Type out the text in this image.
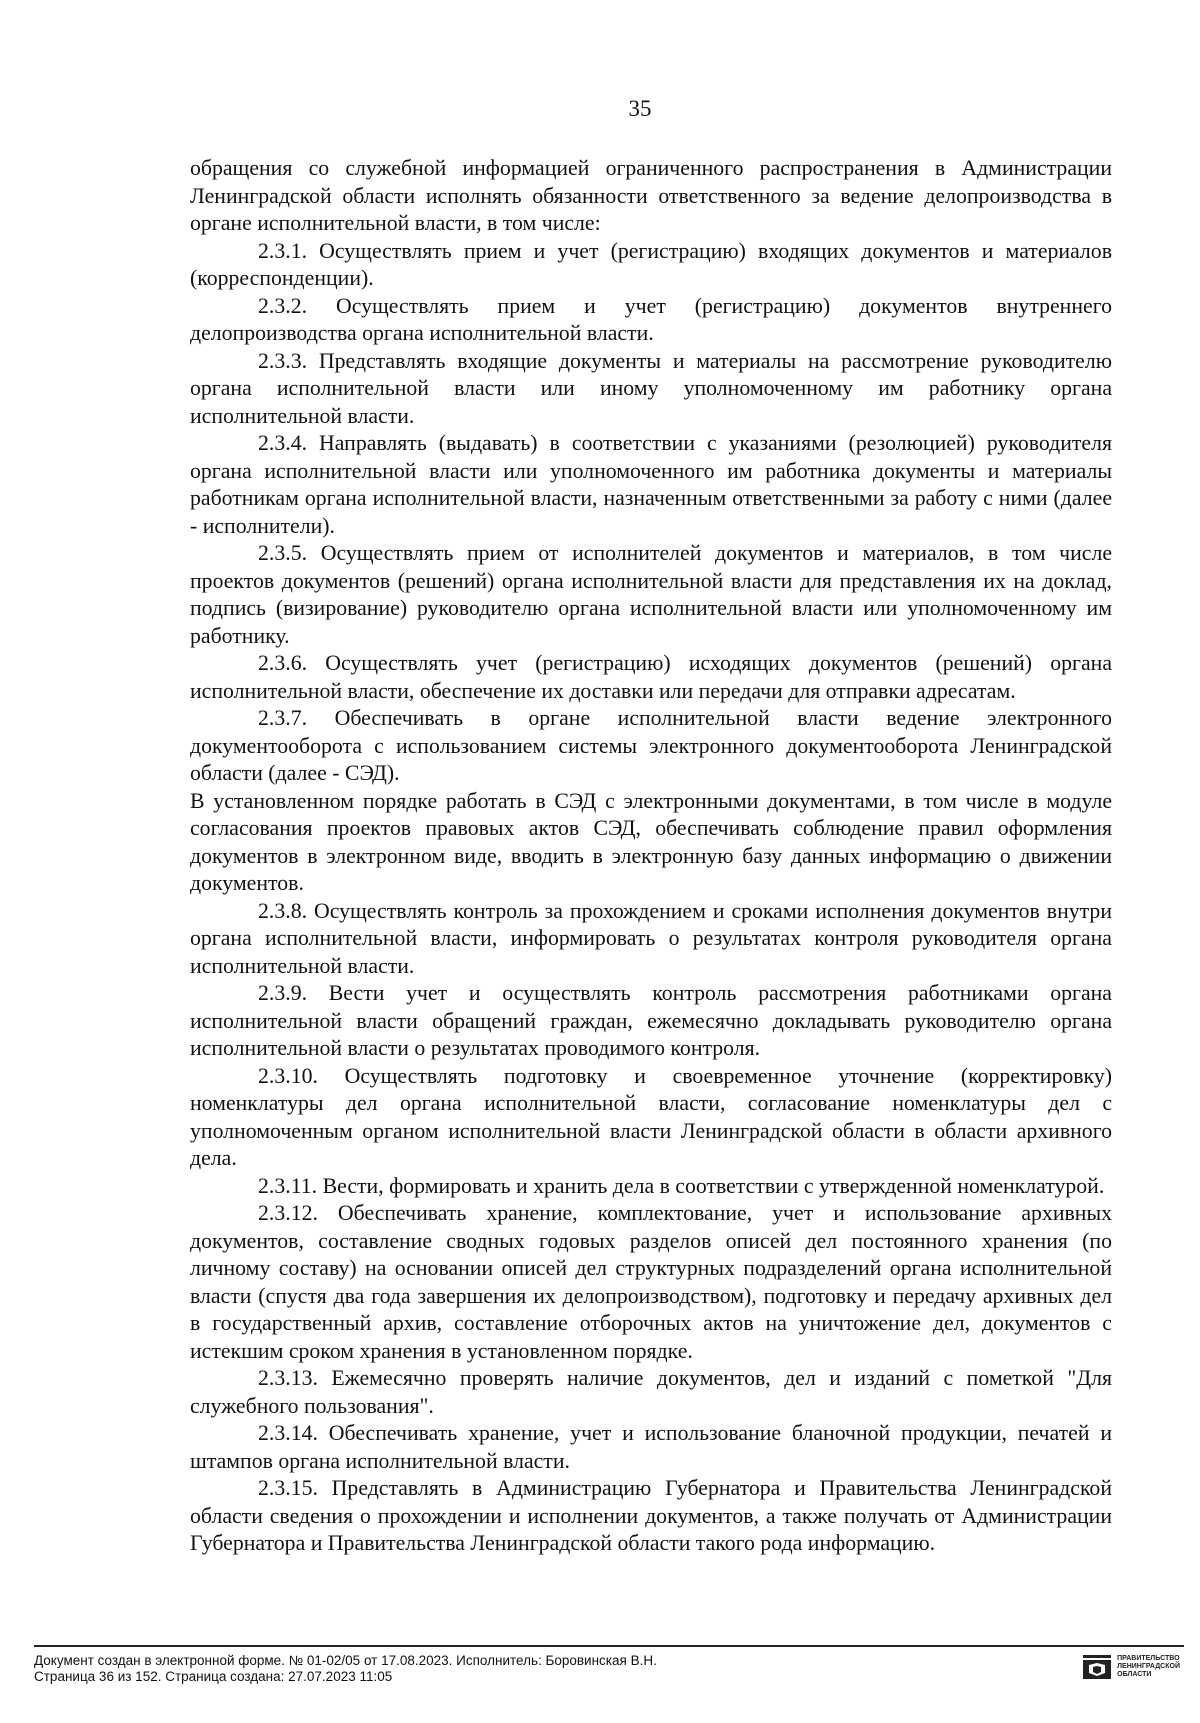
35

обращения со служебной информацией ограниченного распространения в Администрации Ленинградской области исполнять обязанности ответственного за ведение делопроизводства в органе исполнительной власти, в том числе:

2.3.1. Осуществлять прием и учет (регистрацию) входящих документов и материалов (корреспонденции).

2.3.2. Осуществлять прием и учет (регистрацию) документов внутреннего делопроизводства органа исполнительной власти.

2.3.3. Представлять входящие документы и материалы на рассмотрение руководителю органа исполнительной власти или иному уполномоченному им работнику органа исполнительной власти.

2.3.4. Направлять (выдавать) в соответствии с указаниями (резолюцией) руководителя органа исполнительной власти или уполномоченного им работника документы и материалы работникам органа исполнительной власти, назначенным ответственными за работу с ними (далее - исполнители).

2.3.5. Осуществлять прием от исполнителей документов и материалов, в том числе проектов документов (решений) органа исполнительной власти для представления их на доклад, подпись (визирование) руководителю органа исполнительной власти или уполномоченному им работнику.

2.3.6. Осуществлять учет (регистрацию) исходящих документов (решений) органа исполнительной власти, обеспечение их доставки или передачи для отправки адресатам.

2.3.7. Обеспечивать в органе исполнительной власти ведение электронного документооборота с использованием системы электронного документооборота Ленинградской области (далее - СЭД).

В установленном порядке работать в СЭД с электронными документами, в том числе в модуле согласования проектов правовых актов СЭД, обеспечивать соблюдение правил оформления документов в электронном виде, вводить в электронную базу данных информацию о движении документов.

2.3.8. Осуществлять контроль за прохождением и сроками исполнения документов внутри органа исполнительной власти, информировать о результатах контроля руководителя органа исполнительной власти.

2.3.9. Вести учет и осуществлять контроль рассмотрения работниками органа исполнительной власти обращений граждан, ежемесячно докладывать руководителю органа исполнительной власти о результатах проводимого контроля.

2.3.10. Осуществлять подготовку и своевременное уточнение (корректировку) номенклатуры дел органа исполнительной власти, согласование номенклатуры дел с уполномоченным органом исполнительной власти Ленинградской области в области архивного дела.

2.3.11. Вести, формировать и хранить дела в соответствии с утвержденной номенклатурой.

2.3.12. Обеспечивать хранение, комплектование, учет и использование архивных документов, составление сводных годовых разделов описей дел постоянного хранения (по личному составу) на основании описей дел структурных подразделений органа исполнительной власти (спустя два года завершения их делопроизводством), подготовку и передачу архивных дел в государственный архив, составление отборочных актов на уничтожение дел, документов с истекшим сроком хранения в установленном порядке.

2.3.13. Ежемесячно проверять наличие документов, дел и изданий с пометкой "Для служебного пользования".

2.3.14. Обеспечивать хранение, учет и использование бланочной продукции, печатей и штампов органа исполнительной власти.

2.3.15. Представлять в Администрацию Губернатора и Правительства Ленинградской области сведения о прохождении и исполнении документов, а также получать от Администрации Губернатора и Правительства Ленинградской области такого рода информацию.

Документ создан в электронной форме. № 01-02/05 от 17.08.2023. Исполнитель: Боровинская В.Н.
Страница 36 из 152. Страница создана: 27.07.2023 11:05
ПРАВИТЕЛЬСТВО
ЛЕНИНГРАДСКОЙ
ОБЛАСТИ
